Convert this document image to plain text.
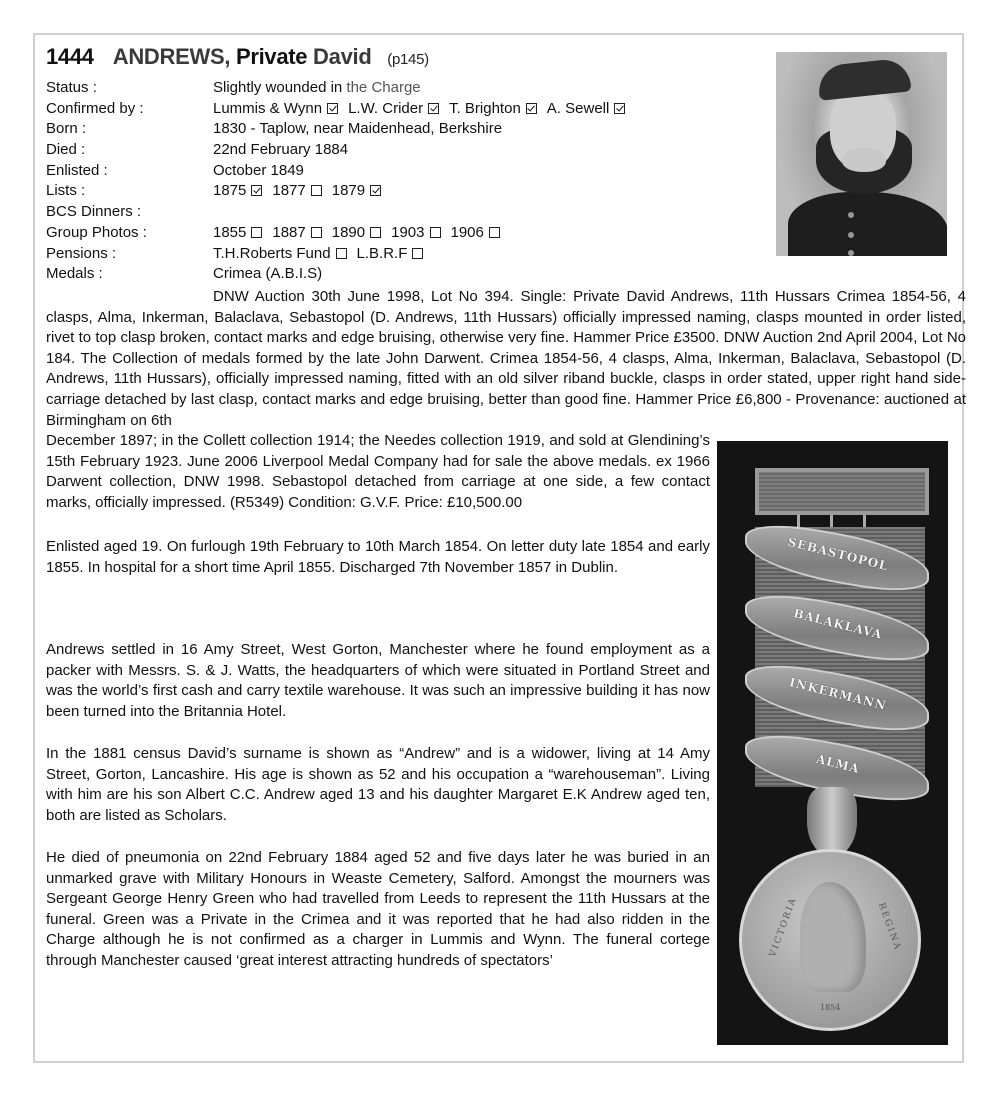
1444 ANDREWS, Private David (p145)
Status :	Slightly wounded in the Charge
Confirmed by :	Lummis & Wynn L.W. Crider T. Brighton A. Sewell
Born :	1830 - Taplow, near Maidenhead, Berkshire
Died :	22nd February 1884
Enlisted :	October 1849
Lists :	1875 1877 1879
BCS Dinners :
Group Photos :	1855 1887 1890 1903 1906
Pensions :	T.H.Roberts Fund L.B.R.F
Medals :	Crimea (A.B.I.S)
DNW Auction 30th June 1998, Lot No 394. Single: Private David Andrews, 11th Hussars Crimea 1854-56, 4 clasps, Alma, Inkerman, Balaclava, Sebastopol (D. Andrews, 11th Hussars) officially impressed naming, clasps mounted in order listed, rivet to top clasp broken, contact marks and edge bruising, otherwise very fine. Hammer Price £3500. DNW Auction 2nd April 2004, Lot No 184. The Collection of medals formed by the late John Darwent. Crimea 1854-56, 4 clasps, Alma, Inkerman, Balaclava, Sebastopol (D. Andrews, 11th Hussars), officially impressed naming, fitted with an old silver riband buckle, clasps in order stated, upper right hand side-carriage detached by last clasp, contact marks and edge bruising, better than good fine. Hammer Price £6,800 - Provenance: auctioned at Birmingham on 6th
December 1897; in the Collett collection 1914; the Needes collection 1919, and sold at Glendining’s 15th February 1923. June 2006 Liverpool Medal Company had for sale the above medals. ex 1966 Darwent collection, DNW 1998. Sebastopol detached from carriage at one side, a few contact marks, officially impressed. (R5349) Condition: G.V.F. Price: £10,500.00
Enlisted aged 19. On furlough 19th February to 10th March 1854. On letter duty late 1854 and early 1855. In hospital for a short time April 1855. Discharged 7th November 1857 in Dublin.
Andrews settled in 16 Amy Street, West Gorton, Manchester where he found employment as a packer with Messrs. S. & J. Watts, the headquarters of which were situated in Portland Street and was the world’s first cash and carry textile warehouse. It was such an impressive building it has now been turned into the Britannia Hotel.
In the 1881 census David’s surname is shown as “Andrew” and is a widower, living at 14 Amy Street, Gorton, Lancashire. His age is shown as 52 and his occupation a “warehouseman”. Living with him are his son Albert C.C. Andrew aged 13 and his daughter Margaret E.K Andrew aged ten, both are listed as Scholars.
He died of pneumonia on 22nd February 1884 aged 52 and five days later he was buried in an unmarked grave with Military Honours in Weaste Cemetery, Salford. Amongst the mourners was Sergeant George Henry Green who had travelled from Leeds to represent the 11th Hussars at the funeral. Green was a Private in the Crimea and it was reported that he had also ridden in the Charge although he is not confirmed as a charger in Lummis and Wynn. The funeral cortege through Manchester caused ‘great interest attracting hundreds of spectators’
SEBASTOPOL
BALAKLAVA
INKERMANN
ALMA
VICTORIA	REGINA
1854
